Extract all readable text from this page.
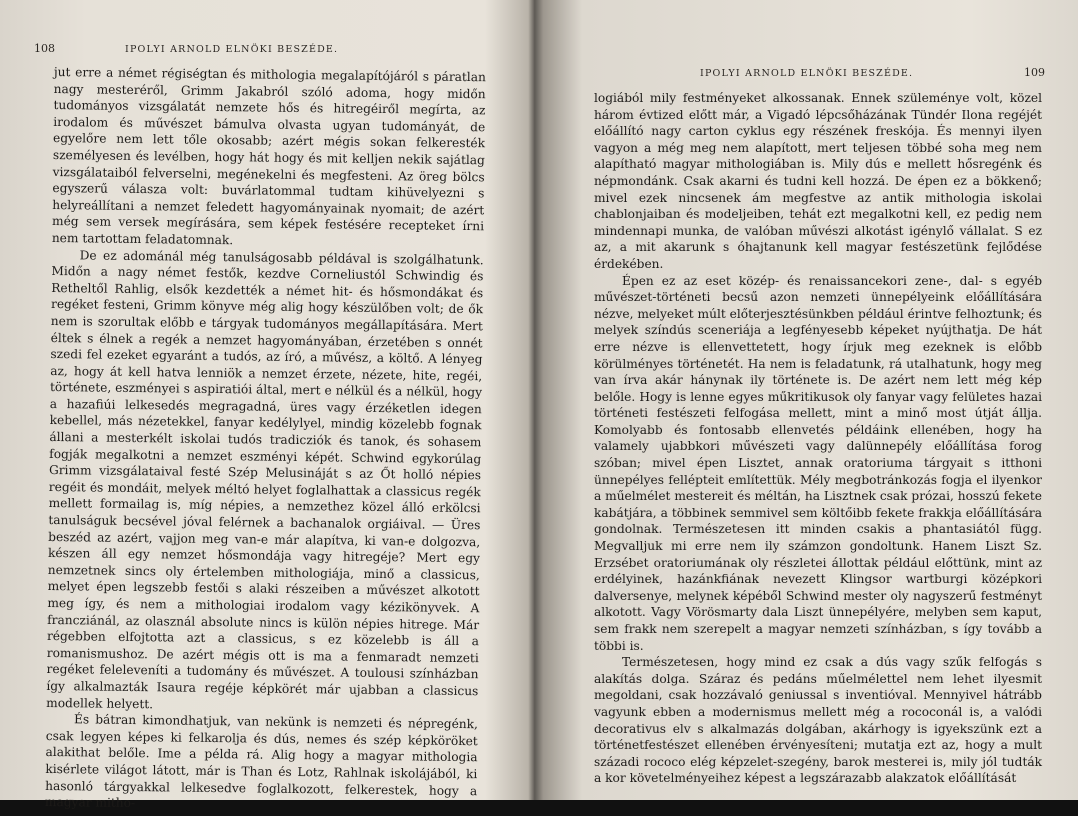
108	IPOLYI ARNOLD ELNÖKI BESZÉDE.

jut erre a német régiségtan és mithologia megalapítójáról s páratlan nagy mesteréről, Grimm Jakabról szóló adoma, hogy midőn tudományos vizsgálatát nemzete hős és hitregéiről megírta, az irodalom és művészet bámulva olvasta ugyan tudományát, de egyelőre nem lett tőle okosabb; azért mégis sokan felkeresték személyesen és levélben, hogy hát hogy és mit kelljen nekik sajátlag vizsgálataiból felverselni, megénekelni és megfesteni. Az öreg bölcs egyszerű válasza volt: buvárlatommal tudtam kihüvelyezni s helyreállítani a nemzet feledett hagyományainak nyomait; de azért még sem versek megírására, sem képek festésére recepteket írni nem tartottam feladatomnak.

De ez adománál még tanulságosabb példával is szolgálhatunk. Midőn a nagy német festők, kezdve Corneliustól Schwindig és Retheltől Rahlig, elsők kezdették a német hit- és hősmondákat és regéket festeni, Grimm könyve még alig hogy készülőben volt; de ők nem is szorultak előbb e tárgyak tudományos megállapítására. Mert éltek s élnek a regék a nemzet hagyományában, érzetében s onnét szedi fel ezeket egyaránt a tudós, az író, a művész, a költő. A lényeg az, hogy át kell hatva lenniök a nemzet érzete, nézete, hite, regéi, története, eszményei s aspiratiói által, mert e nélkül és a nélkül, hogy a hazafiúi lelkesedés megragadná, üres vagy érzéketlen idegen kebellel, más nézetekkel, fanyar kedélylyel, mindig közelebb fognak állani a mesterkélt iskolai tudós tradicziók és tanok, és sohasem fogják megalkotni a nemzet eszményi képét. Schwind egykorúlag Grimm vizsgálataival festé Szép Melusináját s az Őt holló népies regéit és mondáit, melyek méltó helyet foglalhattak a classicus regék mellett formailag is, míg népies, a nemzethez közel álló erkölcsi tanulságuk becsével jóval felérnek a bachanalok orgiáival. — Üres beszéd az azért, vajjon meg van-e már alapítva, ki van-e dolgozva, készen áll egy nemzet hősmondája vagy hitregéje? Mert egy nemzetnek sincs oly értelemben mithologiája, minő a classicus, melyet épen legszebb festői s alaki részeiben a művészet alkotott meg így, és nem a mithologiai irodalom vagy kézikönyvek. A francziánál, az olasznál absolute nincs is külön népies hitrege. Már régebben elfojtotta azt a classicus, s ez közelebb is áll a romanismushoz. De azért mégis ott is ma a fenmaradt nemzeti regéket feleleveníti a tudomány és művészet. A toulousi színházban így alkalmazták Isaura regéje képkörét már ujabban a classicus modellek helyett.

És bátran kimondhatjuk, van nekünk is nemzeti és népregénk, csak legyen képes ki felkarolja és dús, nemes és szép képköröket alakithat belőle. Ime a példa rá. Alig hogy a magyar mithologia kisérlete világot látott, már is Than és Lotz, Rahlnak iskolájából, ki hasonló tárgyakkal lelkesedve foglalkozott, felkerestek, hogy a magyar mitho-

IPOLYI ARNOLD ELNÖKI BESZÉDE.	109

logiából mily festményeket alkossanak. Ennek szüleménye volt, közel három évtized előtt már, a Vigadó lépcsőházának Tündér Ilona regéjét előállító nagy carton cyklus egy részének freskója. És mennyi ilyen vagyon a még meg nem alapított, mert teljesen többé soha meg nem alapítható magyar mithologiában is. Mily dús e mellett hősregénk és népmondánk. Csak akarni és tudni kell hozzá. De épen ez a bökkenő; mivel ezek nincsenek ám megfestve az antik mithologia iskolai chablonjaiban és modeljeiben, tehát ezt megalkotni kell, ez pedig nem mindennapi munka, de valóban művészi alkotást igénylő vállalat. S ez az, a mit akarunk s óhajtanunk kell magyar festészetünk fejlődése érdekében.

Épen ez az eset közép- és renaissancekori zene-, dal- s egyéb művészet-történeti becsű azon nemzeti ünnepélyeink előállítására nézve, melyeket múlt előterjesztésünkben például érintve felhoztunk; és melyek színdús sceneriája a legfényesebb képeket nyújthatja. De hát erre nézve is ellenvettetett, hogy írjuk meg ezeknek is előbb körülményes történetét. Ha nem is feladatunk, rá utalhatunk, hogy meg van írva akár hánynak ily története is. De azért nem lett még kép belőle. Hogy is lenne egyes műkritikusok oly fanyar vagy felületes hazai történeti festészeti felfogása mellett, mint a minő most útját állja. Komolyabb és fontosabb ellenvetés példáink ellenében, hogy ha valamely ujabbkori művészeti vagy dalünnepély előállítása forog szóban; mivel épen Lisztet, annak oratoriuma tárgyait s itthoni ünnepélyes fellépteit említettük. Mély megbotránkozás fogja el ilyenkor a műelmélet mestereit és méltán, ha Lisztnek csak prózai, hosszú fekete kabátjára, a többinek semmivel sem költőibb fekete frakkja előállítására gondolnak. Természetesen itt minden csakis a phantasiától függ. Megvalljuk mi erre nem ily számzon gondoltunk. Hanem Liszt Sz. Erzsébet oratoriumának oly részletei állottak például előttünk, mint az erdélyinek, hazánkfiának nevezett Klingsor wartburgi középkori dalversenye, melynek képéből Schwind mester oly nagyszerű festményt alkotott. Vagy Vörösmarty dala Liszt ünnepélyére, melyben sem kaput, sem frakk nem szerepelt a magyar nemzeti színházban, s így tovább a többi is.

Természetesen, hogy mind ez csak a dús vagy szűk felfogás s alakítás dolga. Száraz és pedáns műelmélettel nem lehet ilyesmit megoldani, csak hozzávaló geniussal s inventióval. Mennyivel hátrább vagyunk ebben a modernismus mellett még a rococonál is, a valódi decorativus elv s alkalmazás dolgában, akárhogy is igyekszünk ezt a történetfestészet ellenében érvényesíteni; mutatja ezt az, hogy a mult századi rococo elég képzelet-szegény, barok mesterei is, mily jól tudták a kor követelményeihez képest a legszárazabb alakzatok előállítását
